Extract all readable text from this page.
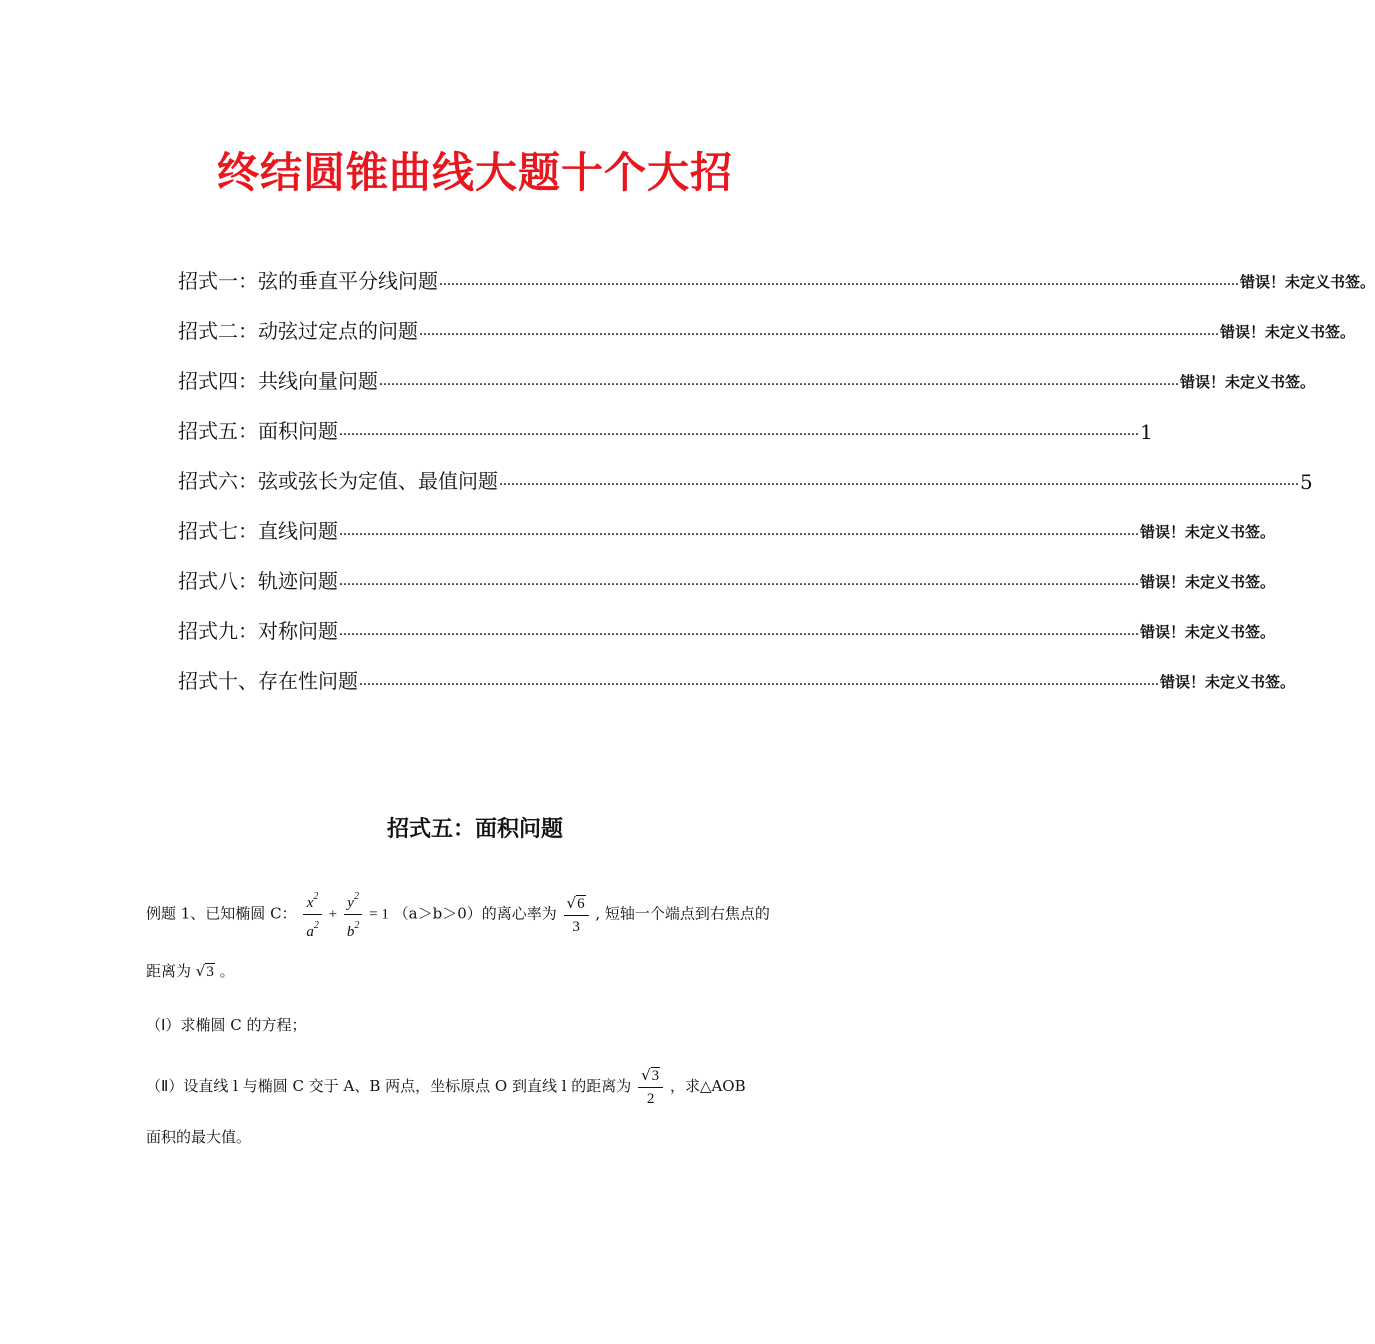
终结圆锥曲线大题十个大招
招式一：弦的垂直平分线问题 ........................................................................................................................................................................................................ 错误！未定义书签。
招式二：动弦过定点的问题 ........................................................................................................................................................................................................ 错误！未定义书签。
招式四：共线向量问题 ........................................................................................................................................................................................................ 错误！未定义书签。
招式五：面积问题 ........................................................................................................................................................................................................ 1
招式六：弦或弦长为定值、最值问题 ........................................................................................................................................................................................................ 5
招式七：直线问题 ........................................................................................................................................................................................................ 错误！未定义书签。
招式八：轨迹问题 ........................................................................................................................................................................................................ 错误！未定义书签。
招式九：对称问题 ........................................................................................................................................................................................................ 错误！未定义书签。
招式十、存在性问题 ........................................................................................................................................................................................................ 错误！未定义书签。
招式五：面积问题
例题 1、已知椭圆 C： $\frac{x^2}{a^2} + \frac{y^2}{b^2} = 1$ （a＞b＞0）的离心率为 $\frac{√6}{3}$ , 短轴一个端点到右焦点的
距离为 √3 。
（Ⅰ）求椭圆 C 的方程；
（Ⅱ）设直线 l 与椭圆 C 交于 A、B 两点，坐标原点 O 到直线 l 的距离为 $\frac{√3}{2}$ ，求△AOB
面积的最大值。
